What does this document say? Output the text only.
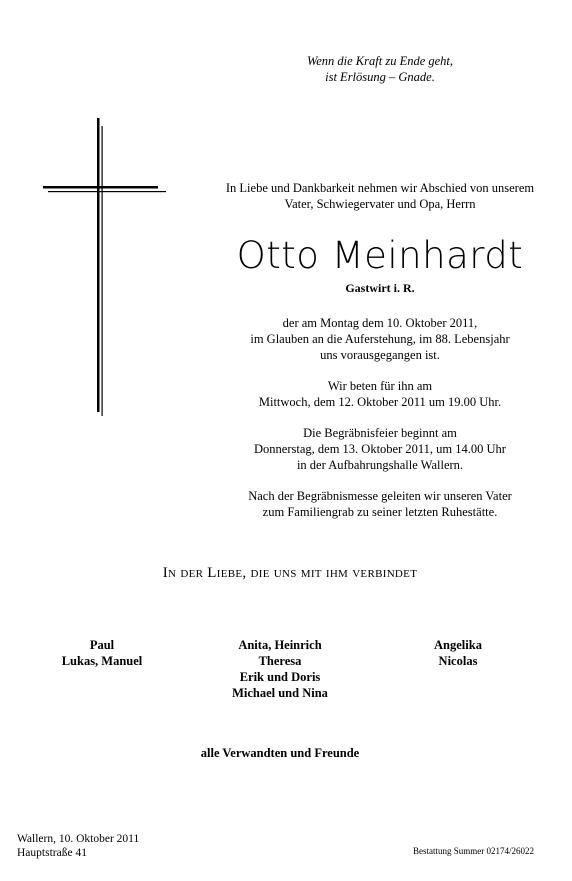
Wenn die Kraft zu Ende geht,
ist Erlösung – Gnade.
In Liebe und Dankbarkeit nehmen wir Abschied von unserem
Vater, Schwiegervater und Opa, Herrn
Otto Meinhardt
Gastwirt i. R.
der am Montag dem 10. Oktober 2011,
im Glauben an die Auferstehung, im 88. Lebensjahr
uns vorausgegangen ist.
Wir beten für ihn am
Mittwoch, dem 12. Oktober 2011 um 19.00 Uhr.
Die Begräbnisfeier beginnt am
Donnerstag, dem 13. Oktober 2011, um 14.00 Uhr
in der Aufbahrungshalle Wallern.
Nach der Begräbnismesse geleiten wir unseren Vater
zum Familiengrab zu seiner letzten Ruhestätte.
In der Liebe, die uns mit ihm verbindet
Paul
Lukas, Manuel
Anita, Heinrich
Theresa
Erik und Doris
Michael und Nina
Angelika
Nicolas
alle Verwandten und Freunde
Wallern, 10. Oktober 2011
Hauptstraße 41	Bestattung Summer 02174/26022
